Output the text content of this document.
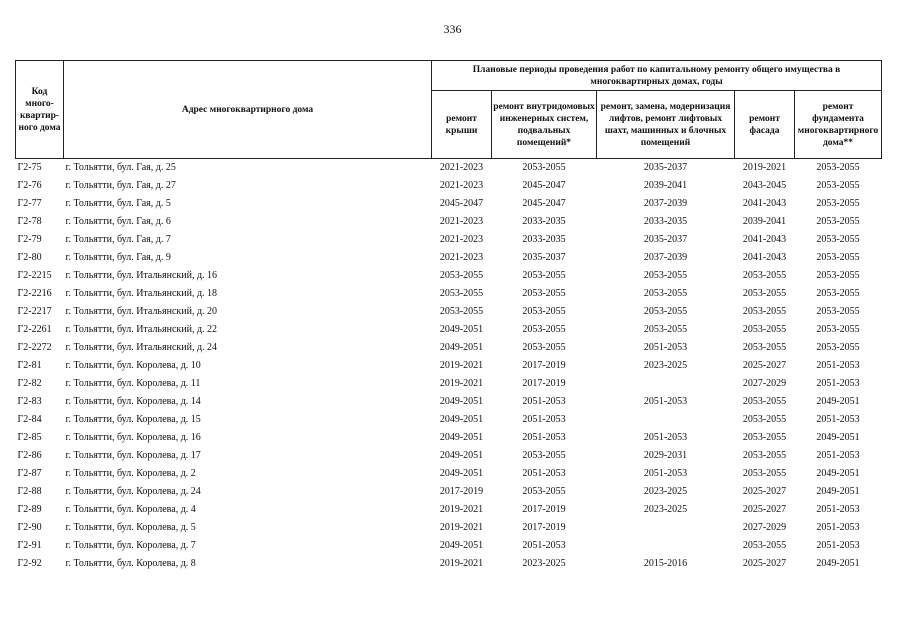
336
Код много-квартир-ного дома	Адрес многоквартирного дома	Плановые периоды проведения работ по капитальному ремонту общего имущества в многоквартирных домах, годы				
		ремонт крыши	ремонт внутридомовых инженерных систем, подвальных помещений*	ремонт, замена, модернизация лифтов, ремонт лифтовых шахт, машинных и блочных помещений	ремонт фасада	ремонт фундамента многоквартирного дома**
Г2-75	г. Тольятти, бул. Гая, д. 25	2021-2023	2053-2055	2035-2037	2019-2021	2053-2055
Г2-76	г. Тольятти, бул. Гая, д. 27	2021-2023	2045-2047	2039-2041	2043-2045	2053-2055
Г2-77	г. Тольятти, бул. Гая, д. 5	2045-2047	2045-2047	2037-2039	2041-2043	2053-2055
Г2-78	г. Тольятти, бул. Гая, д. 6	2021-2023	2033-2035	2033-2035	2039-2041	2053-2055
Г2-79	г. Тольятти, бул. Гая, д. 7	2021-2023	2033-2035	2035-2037	2041-2043	2053-2055
Г2-80	г. Тольятти, бул. Гая, д. 9	2021-2023	2035-2037	2037-2039	2041-2043	2053-2055
Г2-2215	г. Тольятти, бул. Итальянский, д. 16	2053-2055	2053-2055	2053-2055	2053-2055	2053-2055
Г2-2216	г. Тольятти, бул. Итальянский, д. 18	2053-2055	2053-2055	2053-2055	2053-2055	2053-2055
Г2-2217	г. Тольятти, бул. Итальянский, д. 20	2053-2055	2053-2055	2053-2055	2053-2055	2053-2055
Г2-2261	г. Тольятти, бул. Итальянский, д. 22	2049-2051	2053-2055	2053-2055	2053-2055	2053-2055
Г2-2272	г. Тольятти, бул. Итальянский, д. 24	2049-2051	2053-2055	2051-2053	2053-2055	2053-2055
Г2-81	г. Тольятти, бул. Королева, д. 10	2019-2021	2017-2019	2023-2025	2025-2027	2051-2053
Г2-82	г. Тольятти, бул. Королева, д. 11	2019-2021	2017-2019		2027-2029	2051-2053
Г2-83	г. Тольятти, бул. Королева, д. 14	2049-2051	2051-2053	2051-2053	2053-2055	2049-2051
Г2-84	г. Тольятти, бул. Королева, д. 15	2049-2051	2051-2053		2053-2055	2051-2053
Г2-85	г. Тольятти, бул. Королева, д. 16	2049-2051	2051-2053	2051-2053	2053-2055	2049-2051
Г2-86	г. Тольятти, бул. Королева, д. 17	2049-2051	2053-2055	2029-2031	2053-2055	2051-2053
Г2-87	г. Тольятти, бул. Королева, д. 2	2049-2051	2051-2053	2051-2053	2053-2055	2049-2051
Г2-88	г. Тольятти, бул. Королева, д. 24	2017-2019	2053-2055	2023-2025	2025-2027	2049-2051
Г2-89	г. Тольятти, бул. Королева, д. 4	2019-2021	2017-2019	2023-2025	2025-2027	2051-2053
Г2-90	г. Тольятти, бул. Королева, д. 5	2019-2021	2017-2019		2027-2029	2051-2053
Г2-91	г. Тольятти, бул. Королева, д. 7	2049-2051	2051-2053		2053-2055	2051-2053
Г2-92	г. Тольятти, бул. Королева, д. 8	2019-2021	2023-2025	2015-2016	2025-2027	2049-2051
